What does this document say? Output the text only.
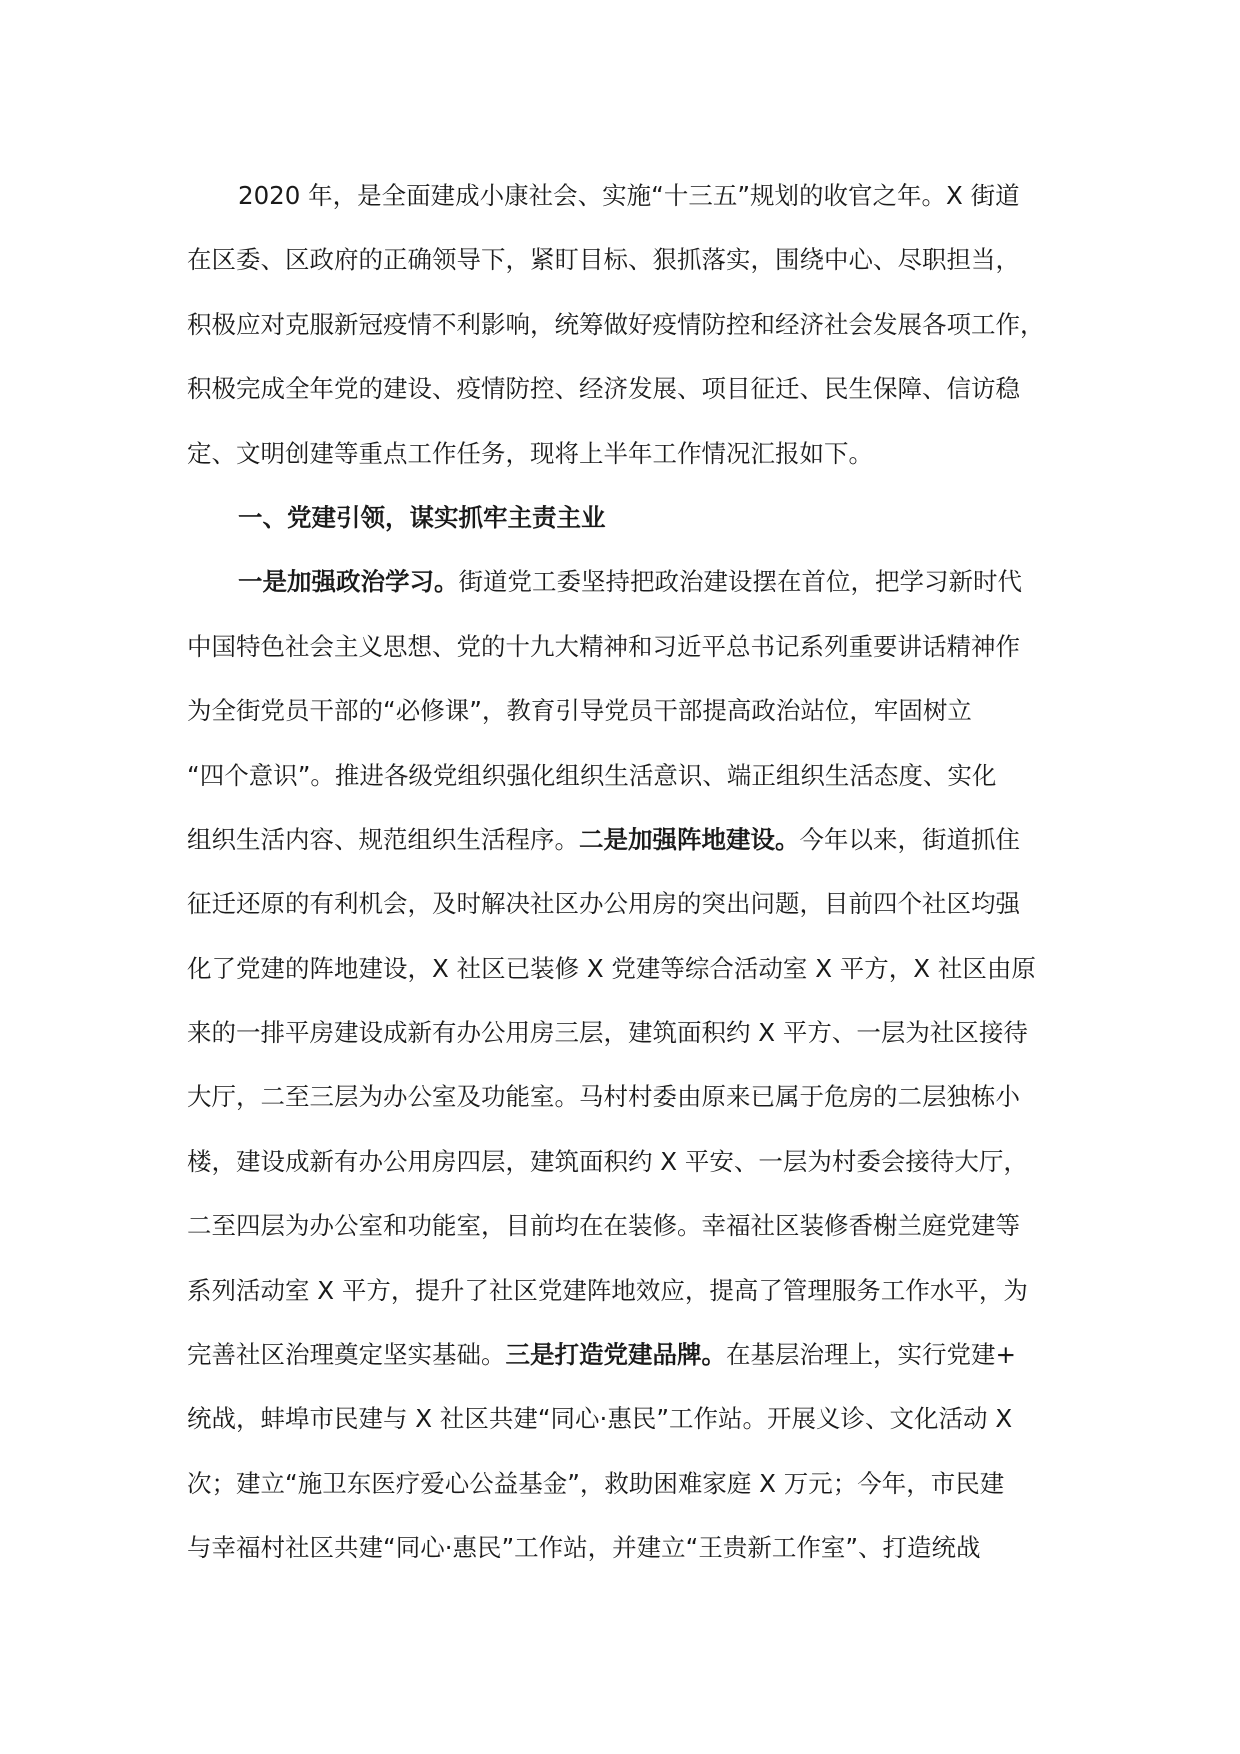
2020 年，是全面建成小康社会、实施“十三五”规划的收官之年。X 街道
在区委、区政府的正确领导下，紧盯目标、狠抓落实，围绕中心、尽职担当，
积极应对克服新冠疫情不利影响，统筹做好疫情防控和经济社会发展各项工作，
积极完成全年党的建设、疫情防控、经济发展、项目征迁、民生保障、信访稳
定、文明创建等重点工作任务，现将上半年工作情况汇报如下。
一、党建引领，谋实抓牢主责主业
一是加强政治学习。街道党工委坚持把政治建设摆在首位，把学习新时代
中国特色社会主义思想、党的十九大精神和习近平总书记系列重要讲话精神作
为全街党员干部的“必修课”，教育引导党员干部提高政治站位，牢固树立
“四个意识”。推进各级党组织强化组织生活意识、端正组织生活态度、实化
组织生活内容、规范组织生活程序。二是加强阵地建设。今年以来，街道抓住
征迁还原的有利机会，及时解决社区办公用房的突出问题，目前四个社区均强
化了党建的阵地建设，X 社区已装修 X 党建等综合活动室 X 平方，X 社区由原
来的一排平房建设成新有办公用房三层，建筑面积约 X 平方、一层为社区接待
大厅，二至三层为办公室及功能室。马村村委由原来已属于危房的二层独栋小
楼，建设成新有办公用房四层，建筑面积约 X 平安、一层为村委会接待大厅，
二至四层为办公室和功能室，目前均在在装修。幸福社区装修香榭兰庭党建等
系列活动室 X 平方，提升了社区党建阵地效应，提高了管理服务工作水平，为
完善社区治理奠定坚实基础。三是打造党建品牌。在基层治理上，实行党建+
统战，蚌埠市民建与 X 社区共建“同心·惠民”工作站。开展义诊、文化活动 X
次；建立“施卫东医疗爱心公益基金”，救助困难家庭 X 万元；今年，市民建
与幸福村社区共建“同心·惠民”工作站，并建立“王贵新工作室”、打造统战
